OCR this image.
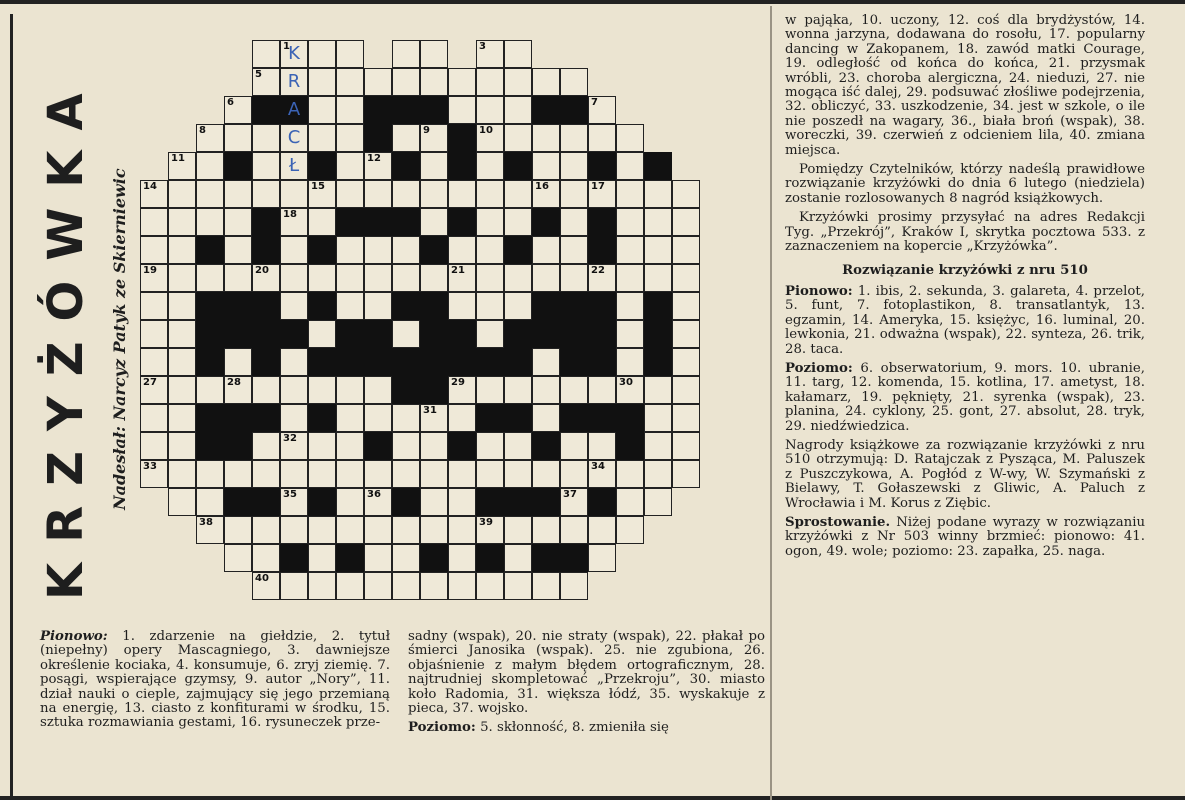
KRZYŻÓWKA Nadesłał: Narcyz Patyk ze Skierniewic
1	3
5
6	7
8	9	10
11	12
14	15	16	17
18
19	20	21	22
27	28	29	30
31
32
33	34
35	36	37
38	39
40
K
R
A
C
Ł
Pionowo: 1. zdarzenie na giełdzie, 2. tytuł (niepełny) opery Mascagniego, 3. dawniejsze określenie kociaka, 4. konsumuje, 6. zryj ziemię. 7. posągi, wspierające gzymsy, 9. autor „Nory”, 11. dział nauki o cieple, zajmujący się jego przemianą na energię, 13. ciasto z konfiturami w środku, 15. sztuka rozmawiania gestami, 16. rysuneczek prze-
sadny (wspak), 20. nie straty (wspak), 22. płakał po śmierci Janosika (wspak). 25. nie zgubiona, 26. objaśnienie z małym błędem ortograficznym, 28. najtrudniej skompletować „Przekroju”, 30. miasto koło Radomia, 31. większa łódź, 35. wyskakuje z pieca, 37. wojsko.
Poziomo: 5. skłonność, 8. zmieniła się
w pająka, 10. uczony, 12. coś dla brydżystów, 14. wonna jarzyna, dodawana do rosołu, 17. popularny dancing w Zakopanem, 18. zawód matki Courage, 19. odległość od końca do końca, 21. przysmak wróbli, 23. choroba alergiczna, 24. nieduzi, 27. nie mogąca iść dalej, 29. podsuwać złośliwe podejrzenia, 32. obliczyć, 33. uszkodzenie, 34. jest w szkole, o ile nie poszedł na wagary, 36., biała broń (wspak), 38. woreczki, 39. czerwień z odcieniem lila, 40. zmiana miejsca.
Pomiędzy Czytelników, którzy nadeślą prawidłowe rozwiązanie krzyżówki do dnia 6 lutego (niedziela) zostanie rozlosowanych 8 nagród książkowych.
Krzyżówki prosimy przysyłać na adres Redakcji Tyg. „Przekrój”, Kraków I, skrytka pocztowa 533. z zaznaczeniem na kopercie „Krzyżówka”.
Rozwiązanie krzyżówki z nru 510
Pionowo: 1. ibis, 2. sekunda, 3. galareta, 4. przelot, 5. funt, 7. fotoplastikon, 8. transatlantyk, 13. egzamin, 14. Ameryka, 15. księżyc, 16. luminal, 20. lewkonia, 21. odważna (wspak), 22. synteza, 26. trik, 28. taca.
Poziomo: 6. obserwatorium, 9. mors. 10. ubranie, 11. targ, 12. komenda, 15. kotlina, 17. ametyst, 18. kałamarz, 19. pęknięty, 21. syrenka (wspak), 23. planina, 24. cyklony, 25. gont, 27. absolut, 28. tryk, 29. niedźwiedzica.
Nagrody książkowe za rozwiązanie krzyżówki z nru 510 otrzymują: D. Ratajczak z Pysząca, M. Paluszek z Puszczykowa, A. Pogłód z W-wy, W. Szymański z Bielawy, T. Gołaszewski z Gliwic, A. Paluch z Wrocławia i M. Korus z Ziębic.
Sprostowanie. Niżej podane wyrazy w rozwiązaniu krzyżówki z Nr 503 winny brzmieć: pionowo: 41. ogon, 49. wole; poziomo: 23. zapałka, 25. naga.
